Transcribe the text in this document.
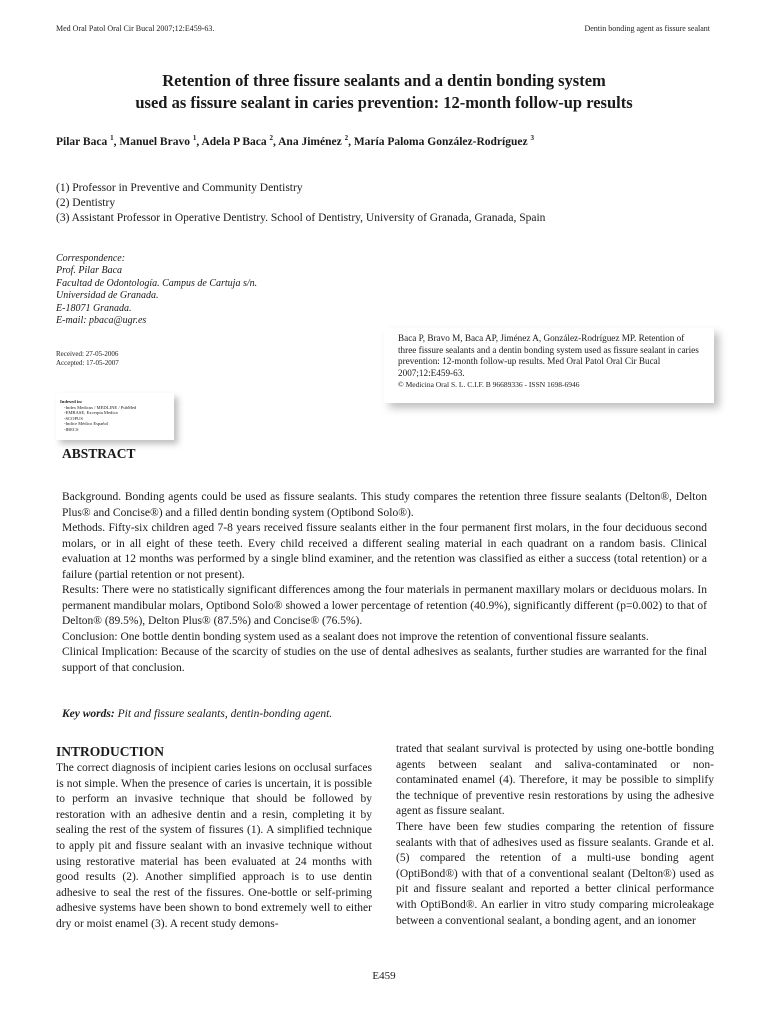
Med Oral Patol Oral Cir Bucal 2007;12:E459-63.	Dentin bonding agent as fissure sealant
Retention of three fissure sealants and a dentin bonding system
used as fissure sealant in caries prevention: 12-month follow-up results
Pilar Baca $^1$, Manuel Bravo $^1$, Adela P Baca $^2$, Ana Jiménez $^2$, María Paloma González-Rodríguez $^3$
(1) Professor in Preventive and Community Dentistry
(2) Dentistry
(3) Assistant Professor in Operative Dentistry. School of Dentistry, University of Granada, Granada, Spain
Correspondence:
Prof. Pilar Baca
Facultad de Odontología. Campus de Cartuja s/n.
Universidad de Granada.
E-18071 Granada.
E-mail: pbaca@ugr.es
Received: 27-05-2006
Accepted: 17-05-2007
Indexed in:
-Index Medicus / MEDLINE / PubMed
-EMBASE, Excerpta Medica
-SCOPUS
-Indice Médico Español
-IBECS
Baca P, Bravo M, Baca AP, Jiménez A, González-Rodríguez MP. Retention of three fissure sealants and a dentin bonding system used as fissure sealant in caries prevention: 12-month follow-up results. Med Oral Patol Oral Cir Bucal 2007;12:E459-63.
© Medicina Oral S. L. C.I.F. B 96689336 - ISSN 1698-6946
ABSTRACT

Background. Bonding agents could be used as fissure sealants. This study compares the retention three fissure sealants (Delton®, Delton Plus® and Concise®) and a filled dentin bonding system (Optibond Solo®).

Methods. Fifty-six children aged 7-8 years received fissure sealants either in the four permanent first molars, in the four deciduous second molars, or in all eight of these teeth. Every child received a different sealing material in each quadrant on a random basis. Clinical evaluation at 12 months was performed by a single blind examiner, and the retention was classified as either a success (total retention) or a failure (partial retention or not present).

Results: There were no statistically significant differences among the four materials in permanent maxillary molars or deciduous molars. In permanent mandibular molars, Optibond Solo® showed a lower percentage of retention (40.9%), significantly different (p=0.002) to that of Delton® (89.5%), Delton Plus® (87.5%) and Concise® (76.5%).

Conclusion: One bottle dentin bonding system used as a sealant does not improve the retention of conventional fissure sealants.

Clinical Implication: Because of the scarcity of studies on the use of dental adhesives as sealants, further studies are warranted for the final support of that conclusion.

Key words: Pit and fissure sealants, dentin-bonding agent.
INTRODUCTION

The correct diagnosis of incipient caries lesions on occlusal surfaces is not simple. When the presence of caries is uncertain, it is possible to perform an invasive technique that should be followed by restoration with an adhesive dentin and a resin, completing it by sealing the rest of the system of fissures (1). A simplified technique to apply pit and fissure sealant with an invasive technique without using restorative material has been evaluated at 24 months with good results (2). Another simplified approach is to use dentin adhesive to seal the rest of the fissures. One-bottle or self-priming adhesive systems have been shown to bond extremely well to either dry or moist enamel (3). A recent study demons-

trated that sealant survival is protected by using one-bottle bonding agents between sealant and saliva-contaminated or non-contaminated enamel (4). Therefore, it may be possible to simplify the technique of preventive resin restorations by using the adhesive agent as fissure sealant.

There have been few studies comparing the retention of fissure sealants with that of adhesives used as fissure sealants. Grande et al. (5) compared the retention of a multi-use bonding agent (OptiBond®) with that of a conventional sealant (Delton®) used as pit and fissure sealant and reported a better clinical performance with OptiBond®. An earlier in vitro study comparing microleakage between a conventional sealant, a bonding agent, and an ionomer

E459
